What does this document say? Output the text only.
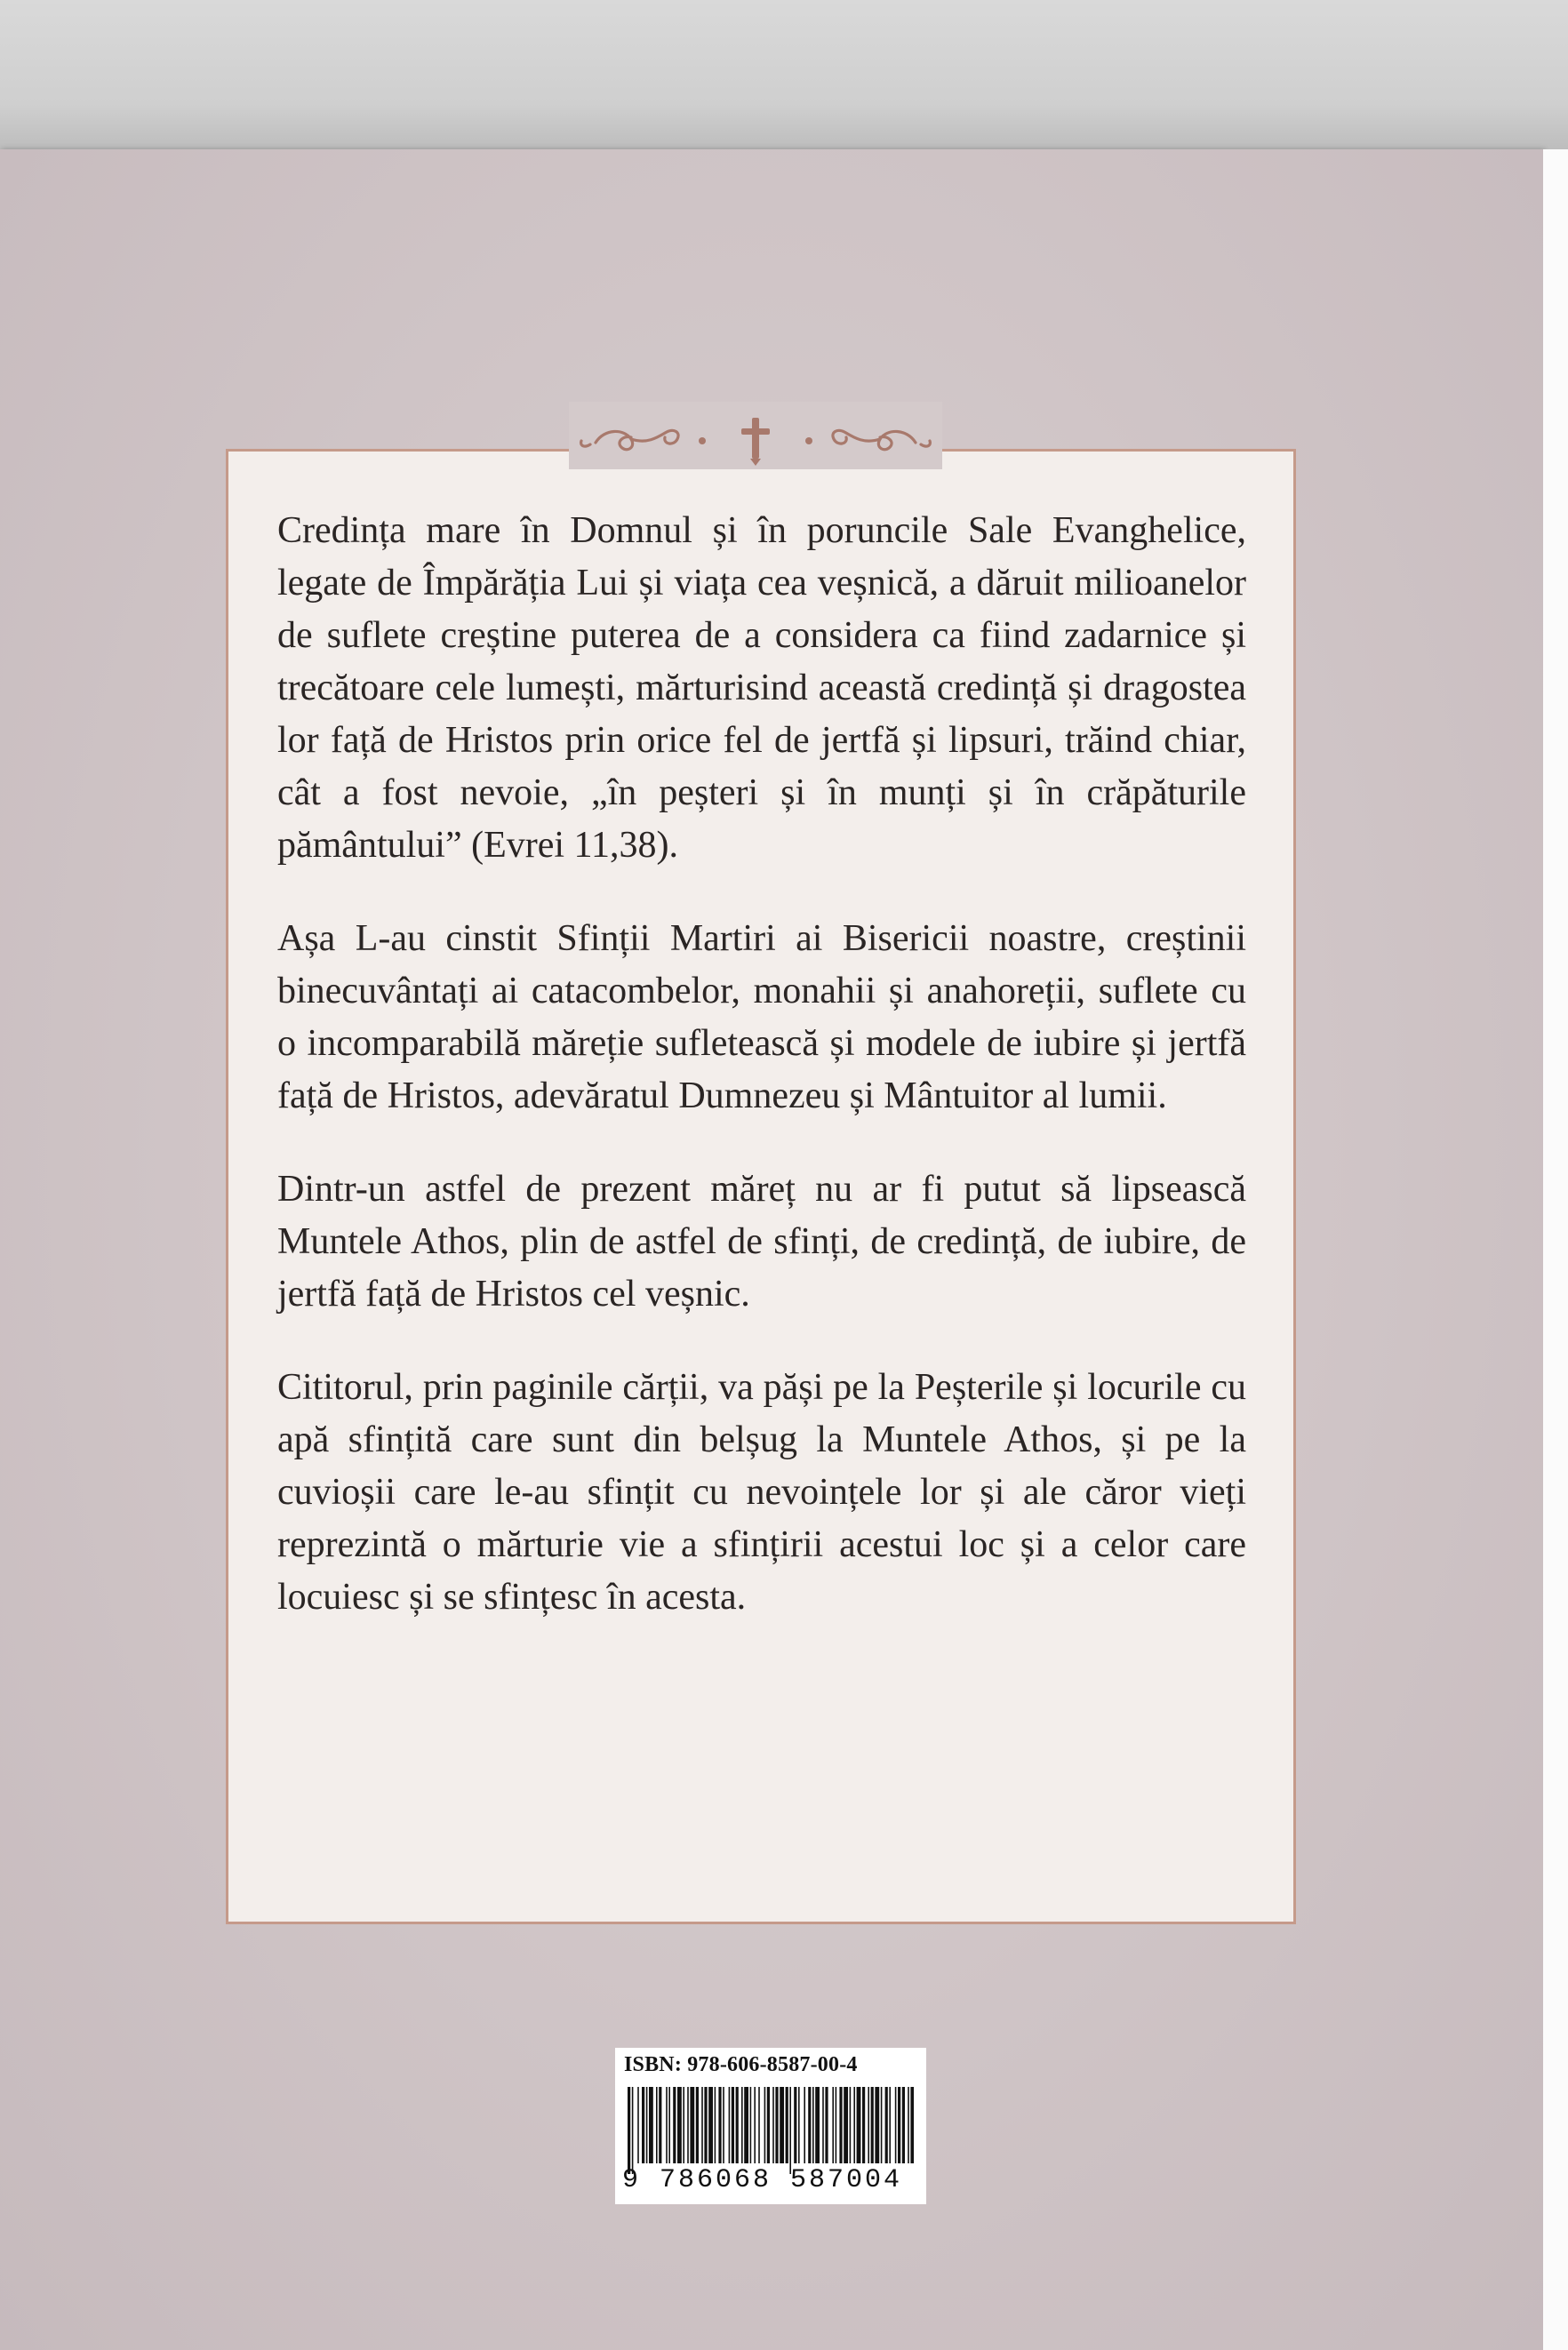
Credința mare în Domnul și în poruncile Sale Evanghelice, legate de Împărăția Lui și viața cea veșnică, a dăruit milioanelor de suflete creștine puterea de a considera ca fiind zadarnice și trecătoare cele lumești, mărturisind această credință și dragostea lor față de Hristos prin orice fel de jertfă și lipsuri, trăind chiar, cât a fost nevoie, „în peșteri și în munți și în crăpăturile pământului” (Evrei 11,38).

Așa L-au cinstit Sfinții Martiri ai Bisericii noastre, creștinii binecuvântați ai catacombelor, monahii și anahoreții, suflete cu o incomparabilă măreție sufletească și modele de iubire și jertfă față de Hristos, adevăratul Dumnezeu și Mântuitor al lumii.

Dintr-un astfel de prezent măreț nu ar fi putut să lipsească Muntele Athos, plin de astfel de sfinți, de credință, de iubire, de jertfă față de Hristos cel veșnic.

Cititorul, prin paginile cărții, va păși pe la Peșterile și locurile cu apă sfințită care sunt din belșug la Muntele Athos, și pe la cuvioșii care le-au sfințit cu nevoințele lor și ale căror vieți reprezintă o mărturie vie a sfințirii acestui loc și a celor care locuiesc și se sfințesc în acesta.

ISBN: 978-606-8587-00-4
9 786068 587004
